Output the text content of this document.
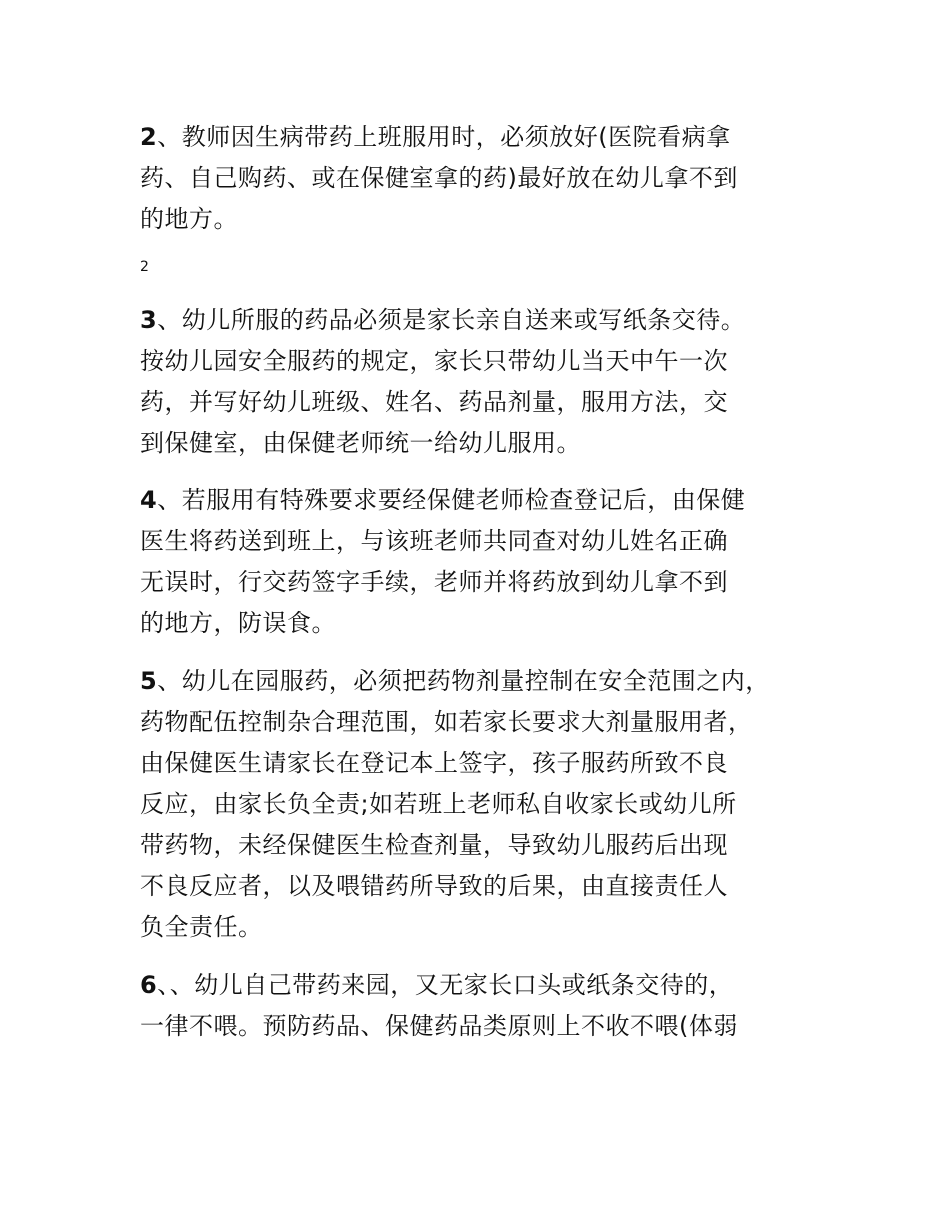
2、教师因生病带药上班服用时，必须放好(医院看病拿
药、自己购药、或在保健室拿的药)最好放在幼儿拿不到
的地方。

2

3、幼儿所服的药品必须是家长亲自送来或写纸条交待。
按幼儿园安全服药的规定，家长只带幼儿当天中午一次
药，并写好幼儿班级、姓名、药品剂量，服用方法，交
到保健室，由保健老师统一给幼儿服用。

4、若服用有特殊要求要经保健老师检查登记后，由保健
医生将药送到班上，与该班老师共同查对幼儿姓名正确
无误时，行交药签字手续，老师并将药放到幼儿拿不到
的地方，防误食。

5、幼儿在园服药，必须把药物剂量控制在安全范围之内，
药物配伍控制杂合理范围，如若家长要求大剂量服用者，
由保健医生请家长在登记本上签字，孩子服药所致不良
反应，由家长负全责;如若班上老师私自收家长或幼儿所
带药物，未经保健医生检查剂量，导致幼儿服药后出现
不良反应者，以及喂错药所导致的后果，由直接责任人
负全责任。

6、、幼儿自己带药来园，又无家长口头或纸条交待的，
一律不喂。预防药品、保健药品类原则上不收不喂(体弱
